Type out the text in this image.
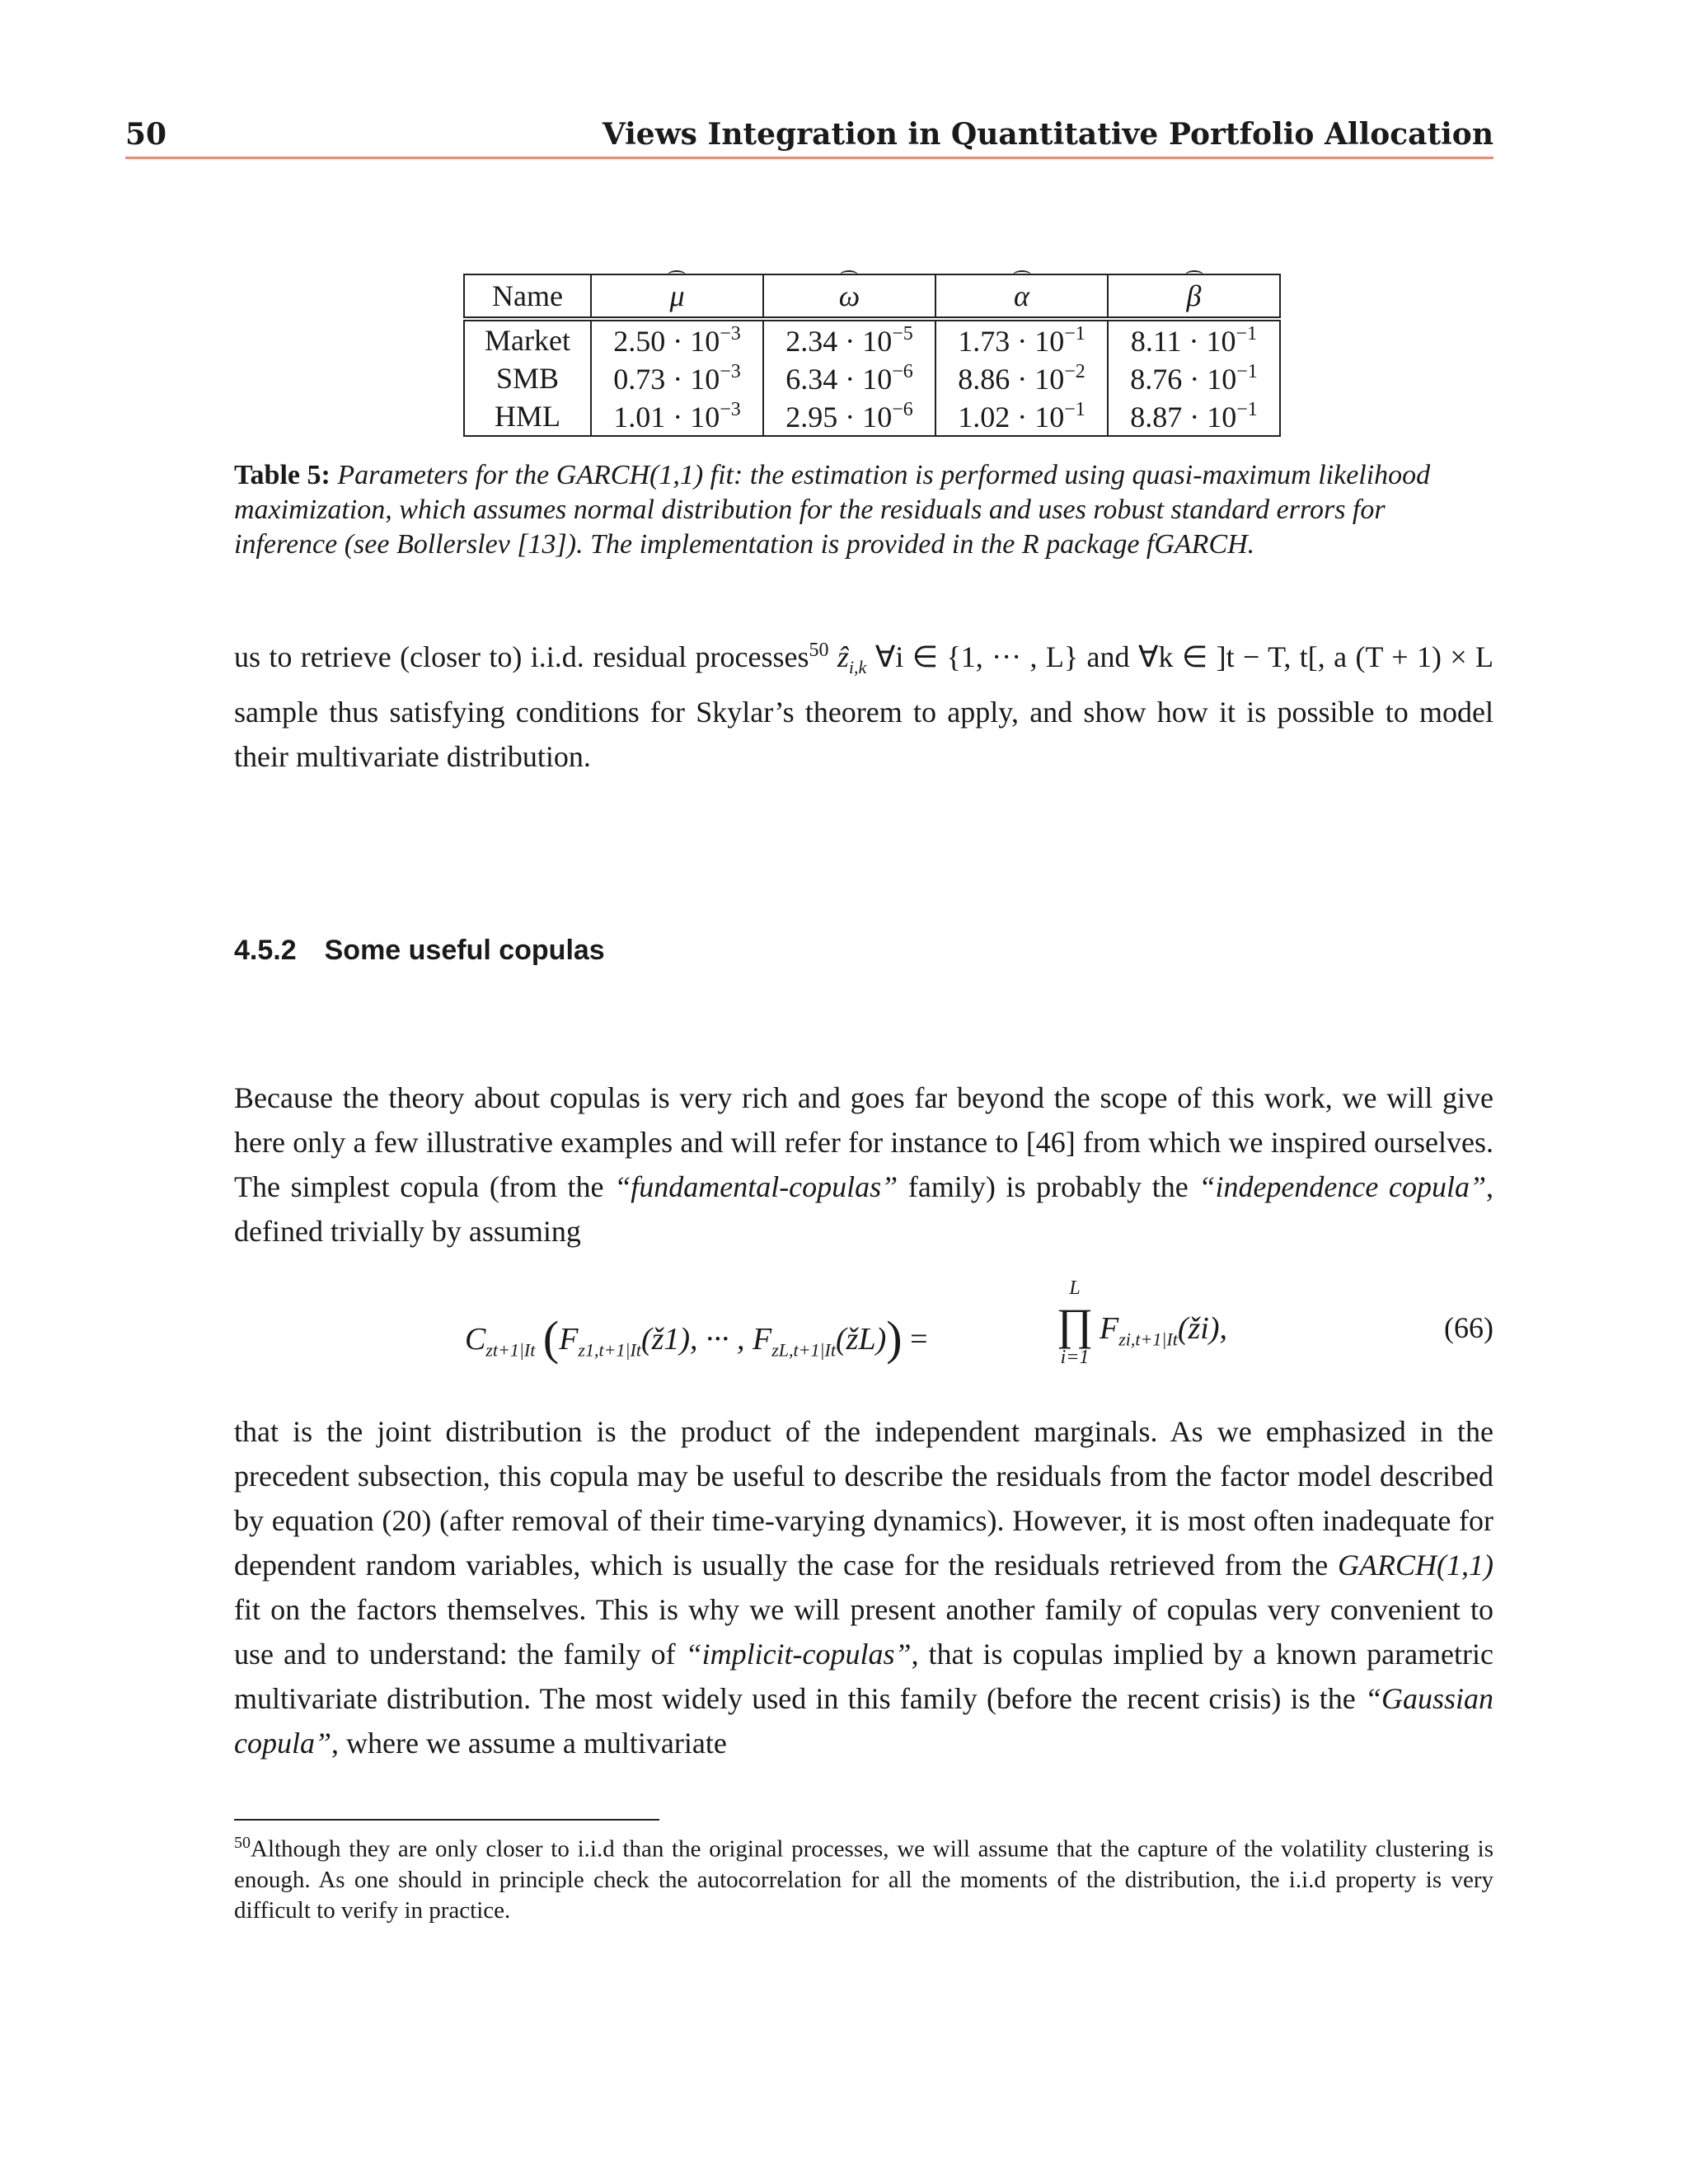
50	Views Integration in Quantitative Portfolio Allocation
Name	μ	ω	α	β
Market	$2.50 \cdot 10^{-3}$	$2.34 \cdot 10^{-5}$	$1.73 \cdot 10^{-1}$	$8.11 \cdot 10^{-1}$
SMB	$0.73 \cdot 10^{-3}$	$6.34 \cdot 10^{-6}$	$8.86 \cdot 10^{-2}$	$8.76 \cdot 10^{-1}$
HML	$1.01 \cdot 10^{-3}$	$2.95 \cdot 10^{-6}$	$1.02 \cdot 10^{-1}$	$8.87 \cdot 10^{-1}$
Table 5: Parameters for the GARCH(1,1) fit: the estimation is performed using quasi-maximum likelihood maximization, which assumes normal distribution for the residuals and uses robust standard errors for inference (see Bollerslev [13]). The implementation is provided in the R package fGARCH.
us to retrieve (closer to) i.i.d. residual processes$^{50}$ ẑ$_{i,k}$ ∀i ∈ {1, ··· , L} and ∀k ∈ ]t − T, t[, a (T + 1) × L sample thus satisfying conditions for Skylar’s theorem to apply, and show how it is possible to model their multivariate distribution.
4.5.2 Some useful copulas
Because the theory about copulas is very rich and goes far beyond the scope of this work, we will give here only a few illustrative examples and will refer for instance to [46] from which we inspired ourselves. The simplest copula (from the “fundamental-copulas” family) is probably the “independence copula”, defined trivially by assuming
$C_{zt+1|It}$ ($F_{z1,t+1|It}(ž1)$, ··· , $F_{zL,t+1|It}(žL)$) =
L
∏
i=1
$F_{zi,t+1|It}(ži)$,	(66)
that is the joint distribution is the product of the independent marginals. As we emphasized in the precedent subsection, this copula may be useful to describe the residuals from the factor model described by equation (20) (after removal of their time-varying dynamics). However, it is most often inadequate for dependent random variables, which is usually the case for the residuals retrieved from the GARCH(1,1) fit on the factors themselves. This is why we will present another family of copulas very convenient to use and to understand: the family of “implicit-copulas”, that is copulas implied by a known parametric multivariate distribution. The most widely used in this family (before the recent crisis) is the “Gaussian copula”, where we assume a multivariate
$^{50}$Although they are only closer to i.i.d than the original processes, we will assume that the capture of the volatility clustering is enough. As one should in principle check the autocorrelation for all the moments of the distribution, the i.i.d property is very difficult to verify in practice.
